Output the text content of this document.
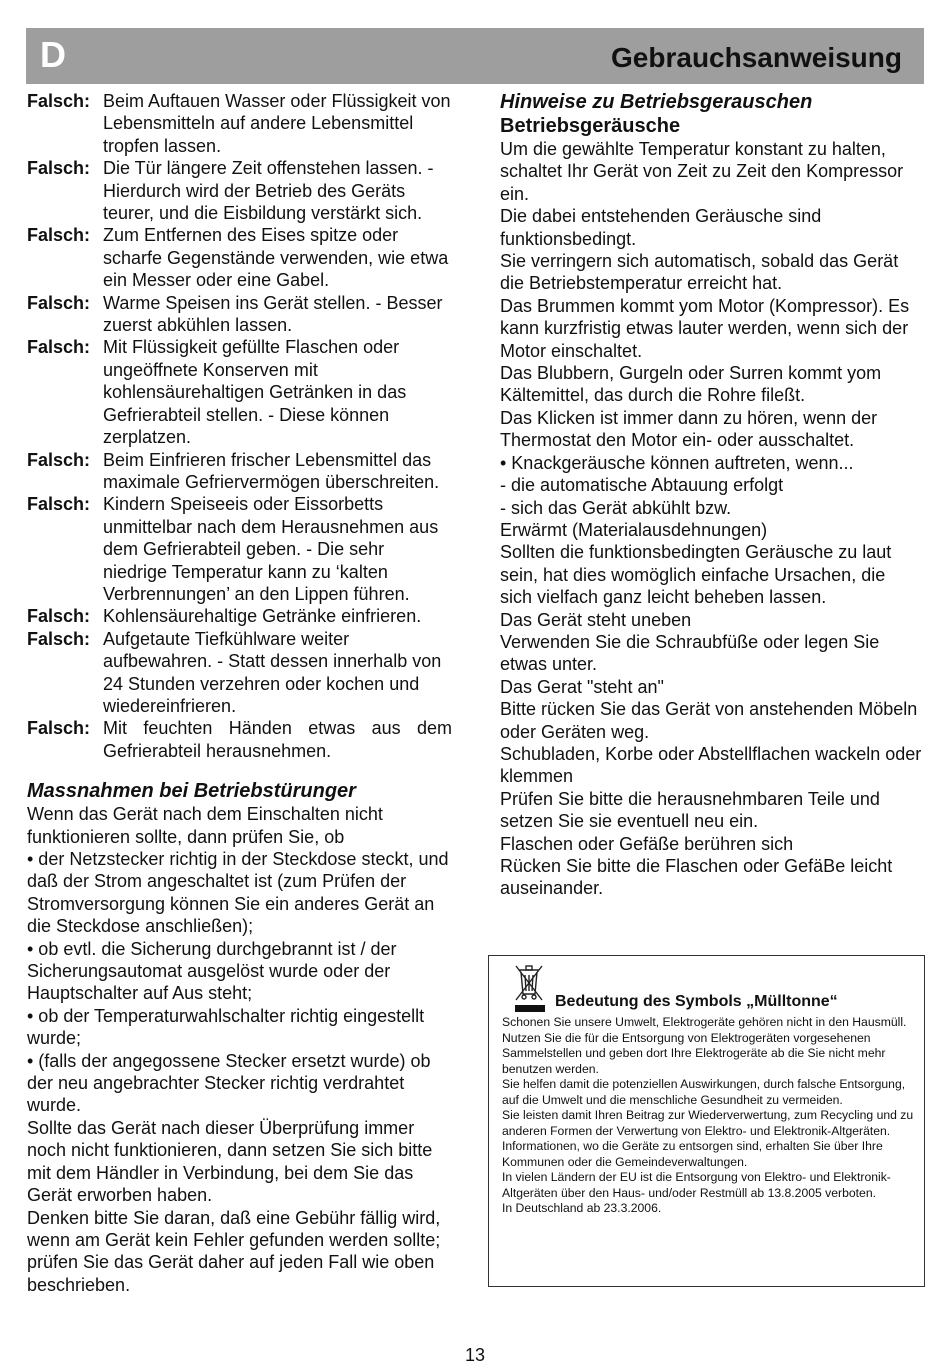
D	Gebrauchsanweisung
Falsch: Beim Auftauen Wasser oder Flüssigkeit von Lebensmitteln auf andere Lebensmittel tropfen lassen.
Falsch: Die Tür längere Zeit offenstehen lassen. - Hierdurch wird der Betrieb des Geräts teurer, und die Eisbildung verstärkt sich.
Falsch: Zum Entfernen des Eises spitze oder scharfe Gegenstände verwenden, wie etwa ein Messer oder eine Gabel.
Falsch: Warme Speisen ins Gerät stellen. - Besser zuerst abkühlen lassen.
Falsch: Mit Flüssigkeit gefüllte Flaschen oder ungeöffnete Konserven mit kohlensäurehaltigen Getränken in das Gefrierabteil stellen. - Diese können zerplatzen.
Falsch: Beim Einfrieren frischer Lebensmittel das maximale Gefriervermögen überschreiten.
Falsch: Kindern Speiseeis oder Eissorbetts unmittelbar nach dem Herausnehmen aus dem Gefrierabteil geben. - Die sehr niedrige Temperatur kann zu ‘kalten Verbrennungen’ an den Lippen führen.
Falsch: Kohlensäurehaltige Getränke einfrieren.
Falsch: Aufgetaute Tiefkühlware weiter aufbewahren. - Statt dessen innerhalb von 24 Stunden verzehren oder kochen und wiedereinfrieren.
Falsch: Mit feuchten Händen etwas aus dem Gefrierabteil herausnehmen.
Massnahmen bei Betriebstürunger
Wenn das Gerät nach dem Einschalten nicht funktionieren sollte, dann prüfen Sie, ob
• der Netzstecker richtig in der Steckdose steckt, und daß der Strom angeschaltet ist (zum Prüfen der Stromversorgung können Sie ein anderes Gerät an die Steckdose anschließen);
• ob evtl. die Sicherung durchgebrannt ist / der Sicherungsautomat ausgelöst wurde oder der Hauptschalter auf Aus steht;
• ob der Temperaturwahlschalter richtig eingestellt wurde;
• (falls der angegossene Stecker ersetzt wurde) ob der neu angebrachter Stecker richtig verdrahtet wurde.
Sollte das Gerät nach dieser Überprüfung immer noch nicht funktionieren, dann setzen Sie sich bitte mit dem Händler in Verbindung, bei dem Sie das Gerät erworben haben.
Denken bitte Sie daran, daß eine Gebühr fällig wird, wenn am Gerät kein Fehler gefunden werden sollte; prüfen Sie das Gerät daher auf jeden Fall wie oben beschrieben.
Hinweise zu Betriebsgerauschen
Betriebsgeräusche
Um die gewählte Temperatur konstant zu halten, schaltet Ihr Gerät von Zeit zu Zeit den Kompressor ein.
Die dabei entstehenden Geräusche sind funktionsbedingt.
Sie verringern sich automatisch, sobald das Gerät die Betriebstemperatur erreicht hat.
Das Brummen kommt yom Motor (Kompressor). Es kann kurzfristig etwas lauter werden, wenn sich der Motor einschaltet.
Das Blubbern, Gurgeln oder Surren kommt yom Kältemittel, das durch die Rohre fileßt.
Das Klicken ist immer dann zu hören, wenn der Thermostat den Motor ein- oder ausschaltet.
• Knackgeräusche können auftreten, wenn...
- die automatische Abtauung erfolgt
- sich das Gerät abkühlt bzw.
Erwärmt (Materialausdehnungen)
Sollten die funktionsbedingten Geräusche zu laut sein, hat dies womöglich einfache Ursachen, die sich vielfach ganz leicht beheben lassen.
Das Gerät steht uneben
Verwenden Sie die Schraubfüße oder legen Sie etwas unter.
Das Gerat "steht an"
Bitte rücken Sie das Gerät von anstehenden Möbeln oder Geräten weg.
Schubladen, Korbe oder Abstellflachen wackeln oder klemmen
Prüfen Sie bitte die herausnehmbaren Teile und setzen Sie sie eventuell neu ein.
Flaschen oder Gefäße berühren sich
Rücken Sie bitte die Flaschen oder GefäBe leicht auseinander.
Bedeutung des Symbols „Mülltonne“
Schonen Sie unsere Umwelt, Elektrogeräte gehören nicht in den Hausmüll.
Nutzen Sie die für die Entsorgung von Elektrogeräten vorgesehenen Sammelstellen und geben dort Ihre Elektrogeräte ab die Sie nicht mehr benutzen werden.
Sie helfen damit die potenziellen Auswirkungen, durch falsche Entsorgung, auf die Umwelt und die menschliche Gesundheit zu vermeiden.
Sie leisten damit Ihren Beitrag zur Wiederverwertung, zum Recycling und zu anderen Formen der Verwertung von Elektro- und Elektronik-Altgeräten.
Informationen, wo die Geräte zu entsorgen sind, erhalten Sie über Ihre Kommunen oder die Gemeindeverwaltungen.
In vielen Ländern der EU ist die Entsorgung von Elektro- und Elektronik-Altgeräten über den Haus- und/oder Restmüll ab 13.8.2005 verboten.
In Deutschland ab 23.3.2006.
13
